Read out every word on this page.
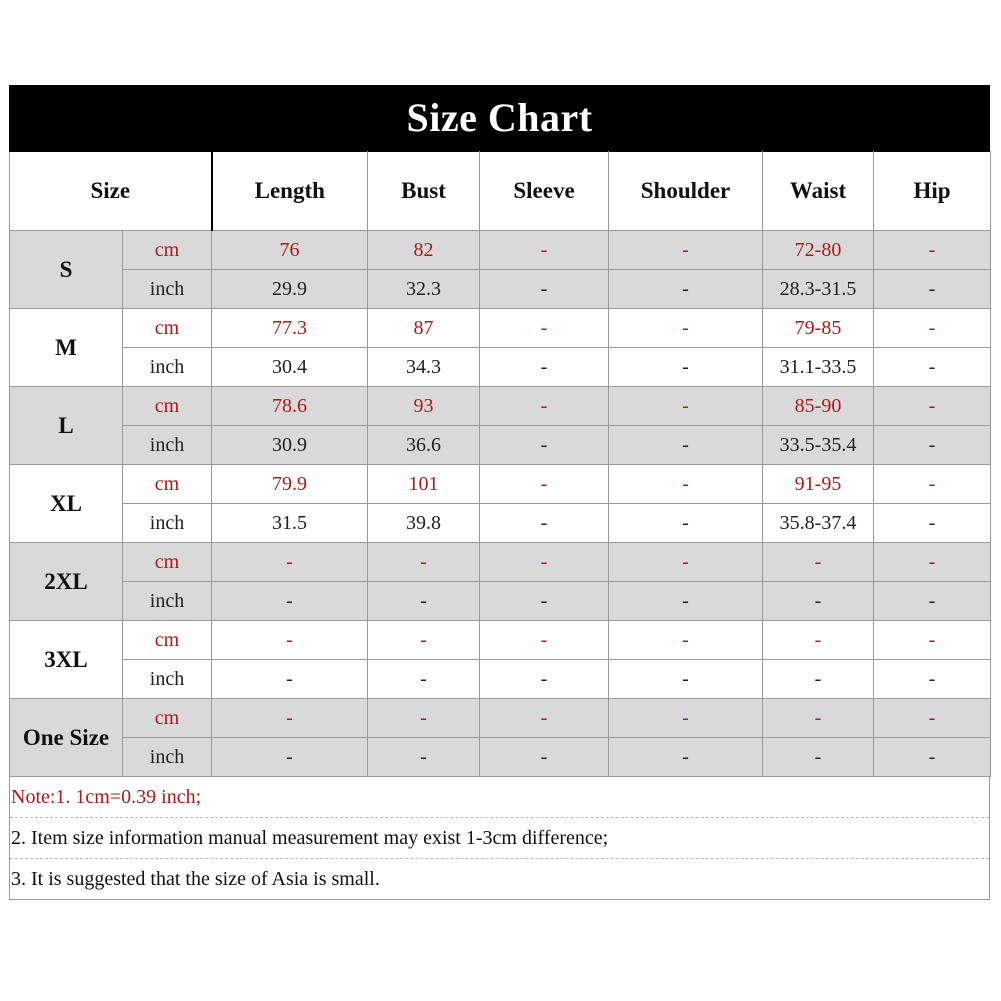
Size Chart
Size		Length	Bust	Sleeve	Shoulder	Waist	Hip
S	cm	76	82	-	-	72-80	-
	inch	29.9	32.3	-	-	28.3-31.5	-
M	cm	77.3	87	-	-	79-85	-
	inch	30.4	34.3	-	-	31.1-33.5	-
L	cm	78.6	93	-	-	85-90	-
	inch	30.9	36.6	-	-	33.5-35.4	-
XL	cm	79.9	101	-	-	91-95	-
	inch	31.5	39.8	-	-	35.8-37.4	-
2XL	cm	-	-	-	-	-	-
	inch	-	-	-	-	-	-
3XL	cm	-	-	-	-	-	-
	inch	-	-	-	-	-	-
One Size	cm	-	-	-	-	-	-
	inch	-	-	-	-	-	-
Note:1. 1cm=0.39 inch;
2. Item size information manual measurement may exist 1-3cm difference;
3. It is suggested that the size of Asia is small.
